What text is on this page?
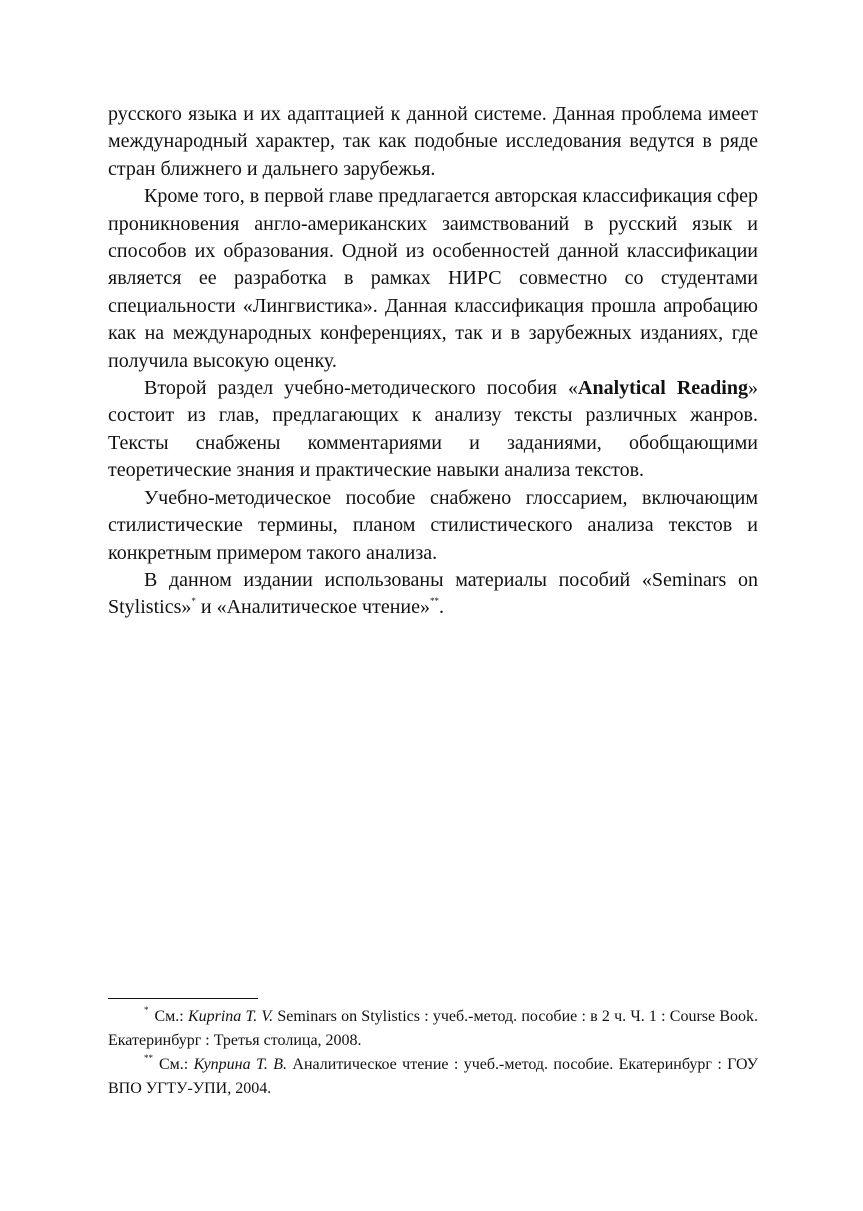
русского языка и их адаптацией к данной системе. Данная проблема имеет международный характер, так как подобные исследования ведутся в ряде стран ближнего и дальнего зарубежья.

Кроме того, в первой главе предлагается авторская классификация сфер проникновения англо-американских заимствований в русский язык и способов их образования. Одной из особенностей данной классификации является ее разработка в рамках НИРС совместно со студентами специальности «Лингвистика». Данная классификация прошла апробацию как на международных конференциях, так и в зарубежных изданиях, где получила высокую оценку.

Второй раздел учебно-методического пособия «Analytical Reading» состоит из глав, предлагающих к анализу тексты различных жанров. Тексты снабжены комментариями и заданиями, обобщающими теоретические знания и практические навыки анализа текстов.

Учебно-методическое пособие снабжено глоссарием, включающим стилистические термины, планом стилистического анализа текстов и конкретным примером такого анализа.

В данном издании использованы материалы пособий «Seminars on Stylistics»* и «Аналитическое чтение»**.

* См.: Kuprina T. V. Seminars on Stylistics : учеб.-метод. пособие : в 2 ч. Ч. 1 : Course Book. Екатеринбург : Третья столица, 2008.

** См.: Куприна Т. В. Аналитическое чтение : учеб.-метод. пособие. Екатеринбург : ГОУ ВПО УГТУ-УПИ, 2004.
